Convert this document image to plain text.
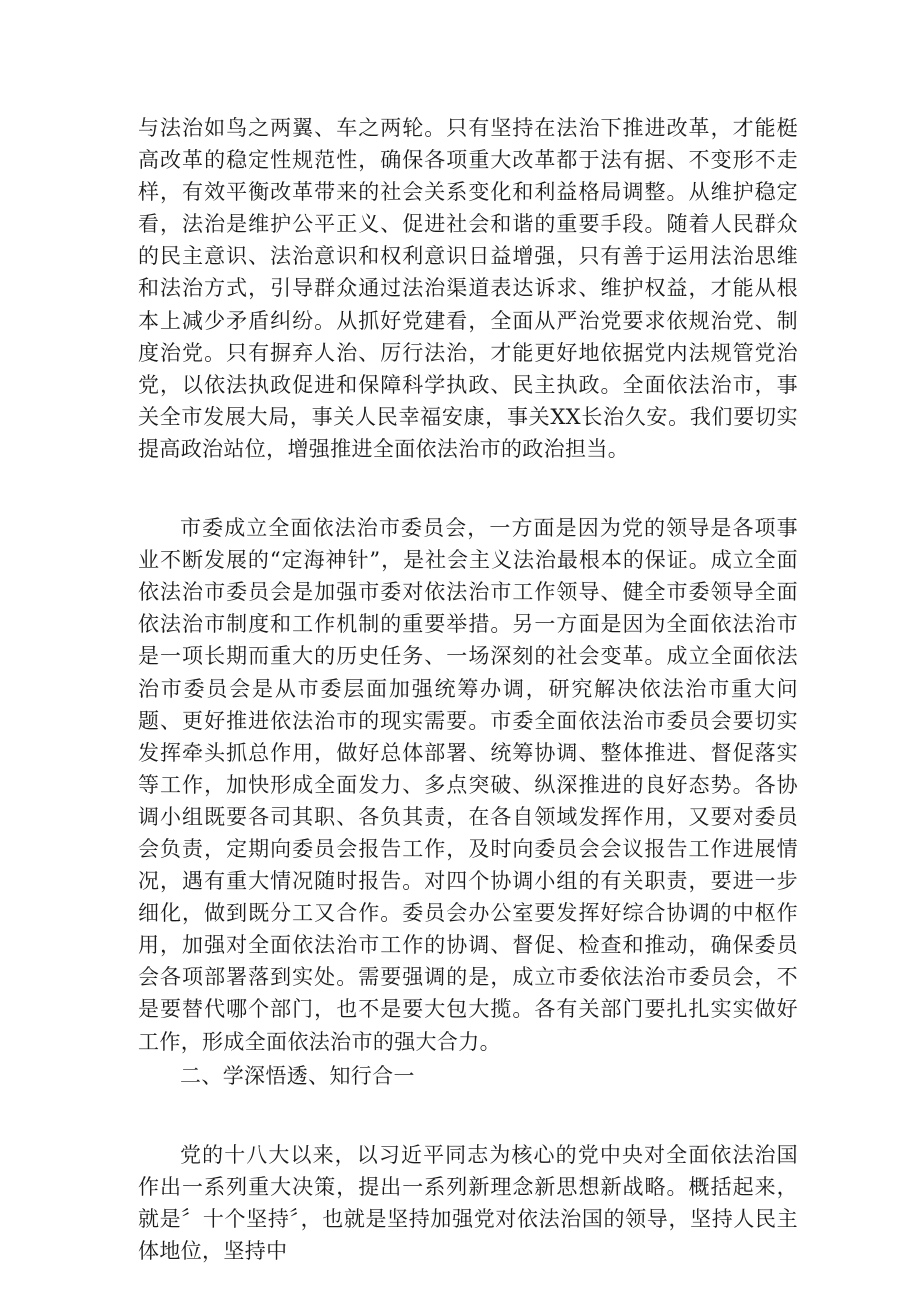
与法治如鸟之两翼、车之两轮。只有坚持在法治下推进改革，才能梃高改革的稳定性规范性，确保各项重大改革都于法有据、不变形不走样，有效平衡改革带来的社会关系变化和利益格局调整。从维护稳定看，法治是维护公平正义、促进社会和谐的重要手段。随着人民群众的民主意识、法治意识和权利意识日益增强，只有善于运用法治思维和法治方式，引导群众通过法治渠道表达诉求、维护权益，才能从根本上减少矛盾纠纷。从抓好党建看，全面从严治党要求依规治党、制度治党。只有摒弃人治、厉行法治，才能更好地依据党内法规管党治党，以依法执政促进和保障科学执政、民主执政。全面依法治市，事关全市发展大局，事关人民幸福安康，事关XX长治久安。我们要切实提高政治站位，增强推进全面依法治市的政治担当。

市委成立全面依法治市委员会，一方面是因为党的领导是各项事业不断发展的“定海神针”，是社会主义法治最根本的保证。成立全面依法治市委员会是加强市委对依法治市工作领导、健全市委领导全面依法治市制度和工作机制的重要举措。另一方面是因为全面依法治市是一项长期而重大的历史任务、一场深刻的社会变革。成立全面依法治市委员会是从市委层面加强统筹办调，研究解决依法治市重大问题、更好推进依法治市的现实需要。市委全面依法治市委员会要切实发挥牵头抓总作用，做好总体部署、统筹协调、整体推进、督促落实等工作，加快形成全面发力、多点突破、纵深推进的良好态势。各协调小组既要各司其职、各负其责，在各自领域发挥作用，又要对委员会负责，定期向委员会报告工作，及时向委员会会议报告工作进展情况，遇有重大情况随时报告。对四个协调小组的有关职责，要进一步细化，做到既分工又合作。委员会办公室要发挥好综合协调的中枢作用，加强对全面依法治市工作的协调、督促、检查和推动，确保委员会各项部署落到实处。需要强调的是，成立市委依法治市委员会，不是要替代哪个部门，也不是要大包大揽。各有关部门要扎扎实实做好工作，形成全面依法治市的强大合力。

二、学深悟透、知行合一

党的十八大以来，以习近平同志为核心的党中央对全面依法治国作出一系列重大决策，提出一系列新理念新思想新战略。概括起来，就是〞十个坚持〞，也就是坚持加强党对依法治国的领导，坚持人民主体地位，坚持中
